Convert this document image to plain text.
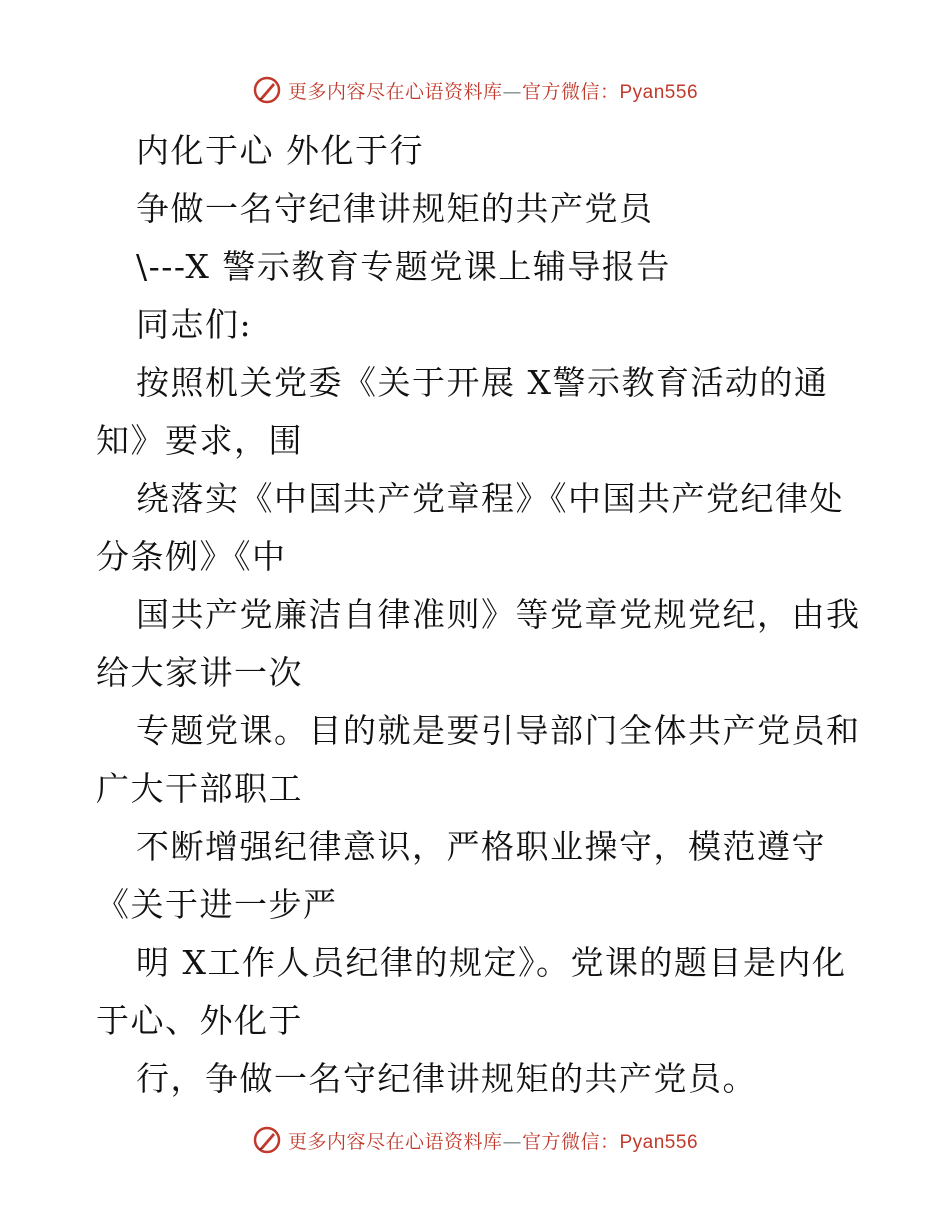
更多内容尽在心语资料库—官方微信：Pyan556
内化于心 外化于行
争做一名守纪律讲规矩的共产党员
\---X 警示教育专题党课上辅导报告
同志们:
按照机关党委《关于开展 X警示教育活动的通
知》要求，围
绕落实《中国共产党章程》《中国共产党纪律处
分条例》《中
国共产党廉洁自律准则》等党章党规党纪，由我
给大家讲一次
专题党课。目的就是要引导部门全体共产党员和
广大干部职工
不断增强纪律意识，严格职业操守，模范遵守
《关于进一步严
明 X工作人员纪律的规定》。党课的题目是内化
于心、外化于
行，争做一名守纪律讲规矩的共产党员。
更多内容尽在心语资料库—官方微信：Pyan556
